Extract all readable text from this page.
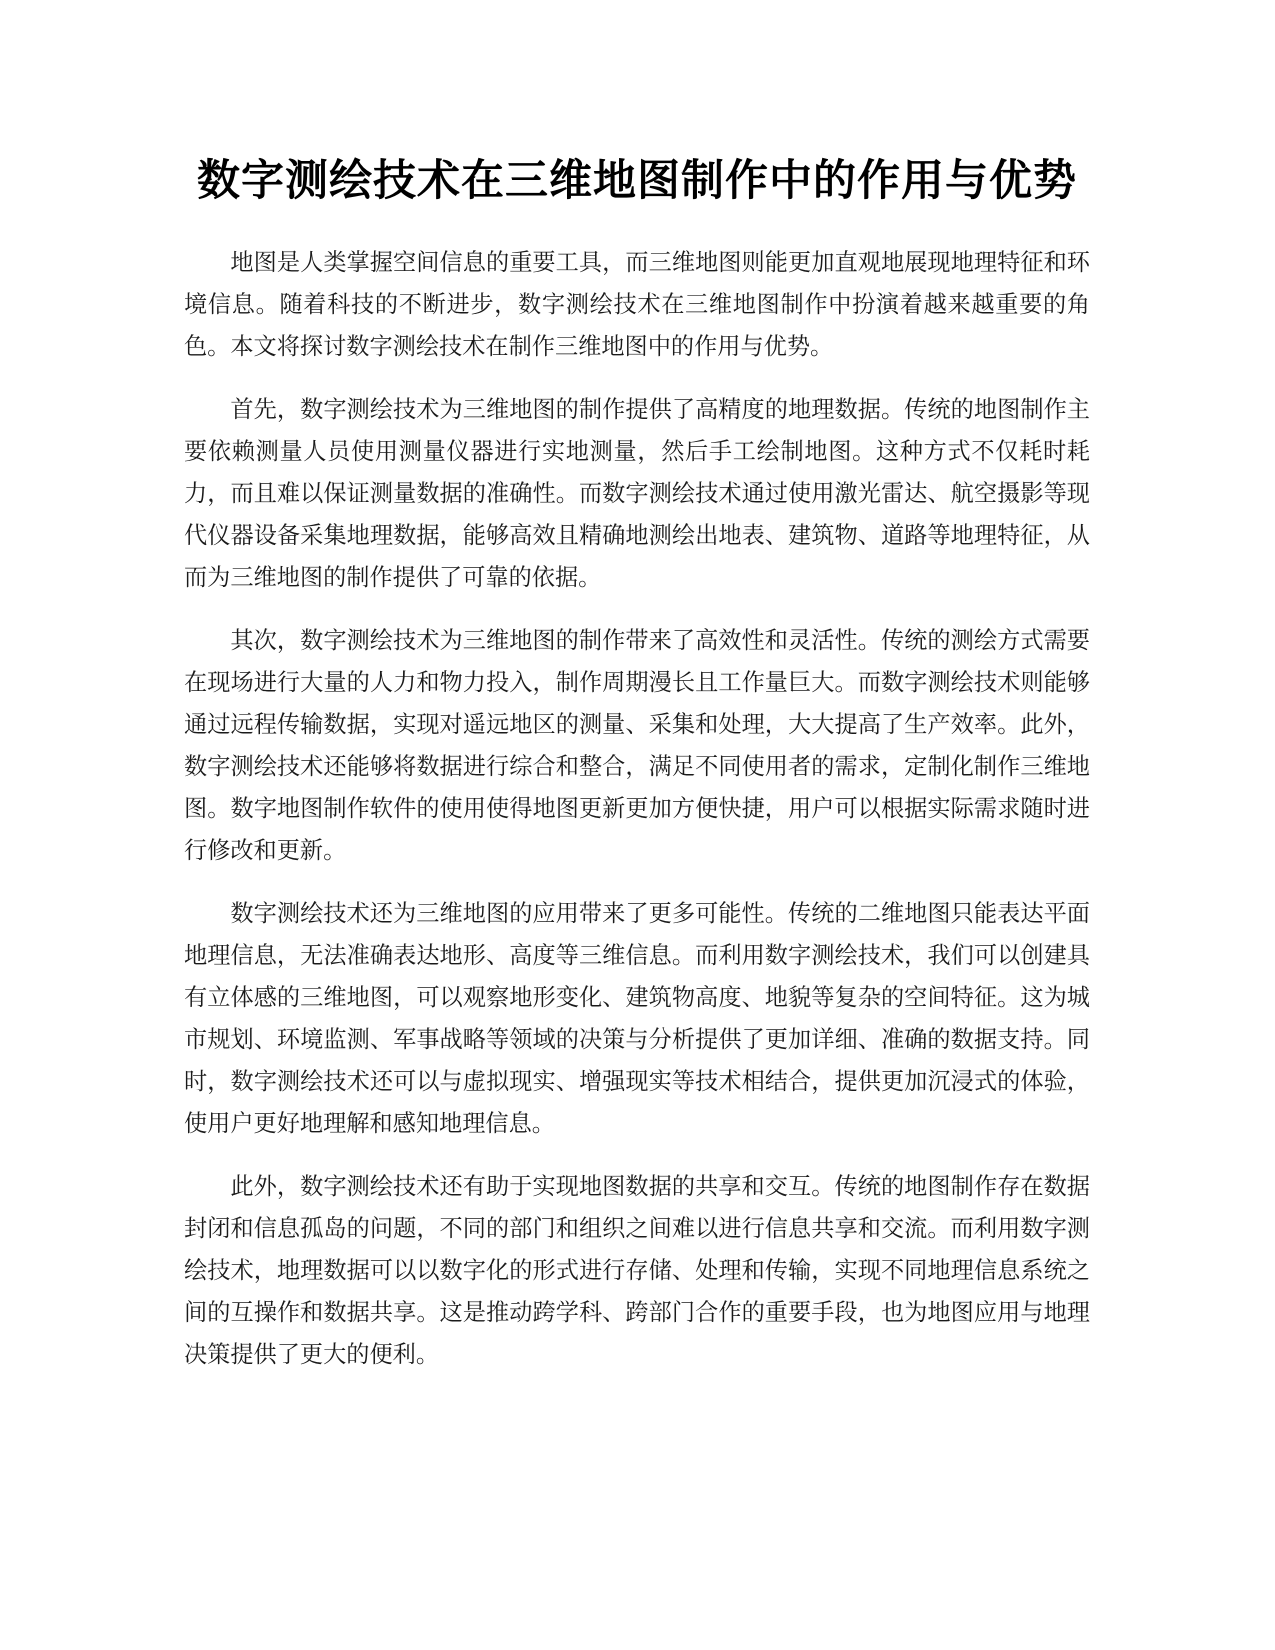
数字测绘技术在三维地图制作中的作用与优势

地图是人类掌握空间信息的重要工具，而三维地图则能更加直观地展现地理特征和环境信息。随着科技的不断进步，数字测绘技术在三维地图制作中扮演着越来越重要的角色。本文将探讨数字测绘技术在制作三维地图中的作用与优势。

首先，数字测绘技术为三维地图的制作提供了高精度的地理数据。传统的地图制作主要依赖测量人员使用测量仪器进行实地测量，然后手工绘制地图。这种方式不仅耗时耗力，而且难以保证测量数据的准确性。而数字测绘技术通过使用激光雷达、航空摄影等现代仪器设备采集地理数据，能够高效且精确地测绘出地表、建筑物、道路等地理特征，从而为三维地图的制作提供了可靠的依据。

其次，数字测绘技术为三维地图的制作带来了高效性和灵活性。传统的测绘方式需要在现场进行大量的人力和物力投入，制作周期漫长且工作量巨大。而数字测绘技术则能够通过远程传输数据，实现对遥远地区的测量、采集和处理，大大提高了生产效率。此外，数字测绘技术还能够将数据进行综合和整合，满足不同使用者的需求，定制化制作三维地图。数字地图制作软件的使用使得地图更新更加方便快捷，用户可以根据实际需求随时进行修改和更新。

数字测绘技术还为三维地图的应用带来了更多可能性。传统的二维地图只能表达平面地理信息，无法准确表达地形、高度等三维信息。而利用数字测绘技术，我们可以创建具有立体感的三维地图，可以观察地形变化、建筑物高度、地貌等复杂的空间特征。这为城市规划、环境监测、军事战略等领域的决策与分析提供了更加详细、准确的数据支持。同时，数字测绘技术还可以与虚拟现实、增强现实等技术相结合，提供更加沉浸式的体验，使用户更好地理解和感知地理信息。

此外，数字测绘技术还有助于实现地图数据的共享和交互。传统的地图制作存在数据封闭和信息孤岛的问题，不同的部门和组织之间难以进行信息共享和交流。而利用数字测绘技术，地理数据可以以数字化的形式进行存储、处理和传输，实现不同地理信息系统之间的互操作和数据共享。这是推动跨学科、跨部门合作的重要手段，也为地图应用与地理决策提供了更大的便利。
